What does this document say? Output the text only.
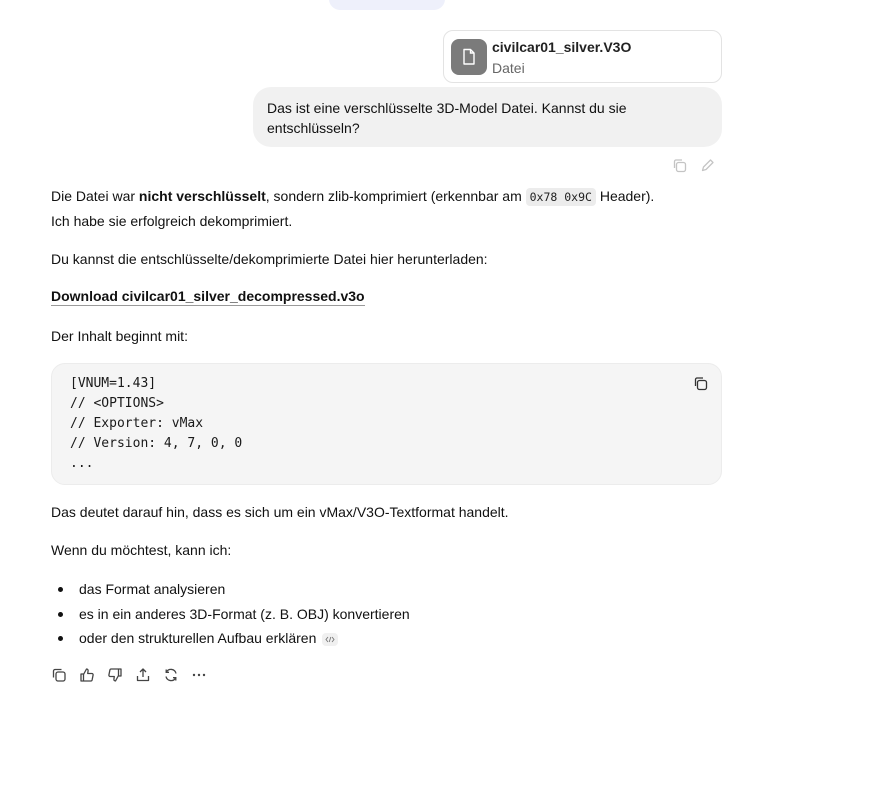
civilcar01_silver.V3O
Datei
Das ist eine verschlüsselte 3D-Model Datei. Kannst du sie entschlüsseln?
Die Datei war nicht verschlüsselt, sondern zlib-komprimiert (erkennbar am 0x78 0x9C Header).
Ich habe sie erfolgreich dekomprimiert.
Du kannst die entschlüsselte/dekomprimierte Datei hier herunterladen:
Download civilcar01_silver_decompressed.v3o
Der Inhalt beginnt mit:
[VNUM=1.43]
// <OPTIONS>
// Exporter: vMax
// Version: 4, 7, 0, 0
...
Das deutet darauf hin, dass es sich um ein vMax/V3O-Textformat handelt.
Wenn du möchtest, kann ich:
das Format analysieren
es in ein anderes 3D-Format (z. B. OBJ) konvertieren
oder den strukturellen Aufbau erklären
